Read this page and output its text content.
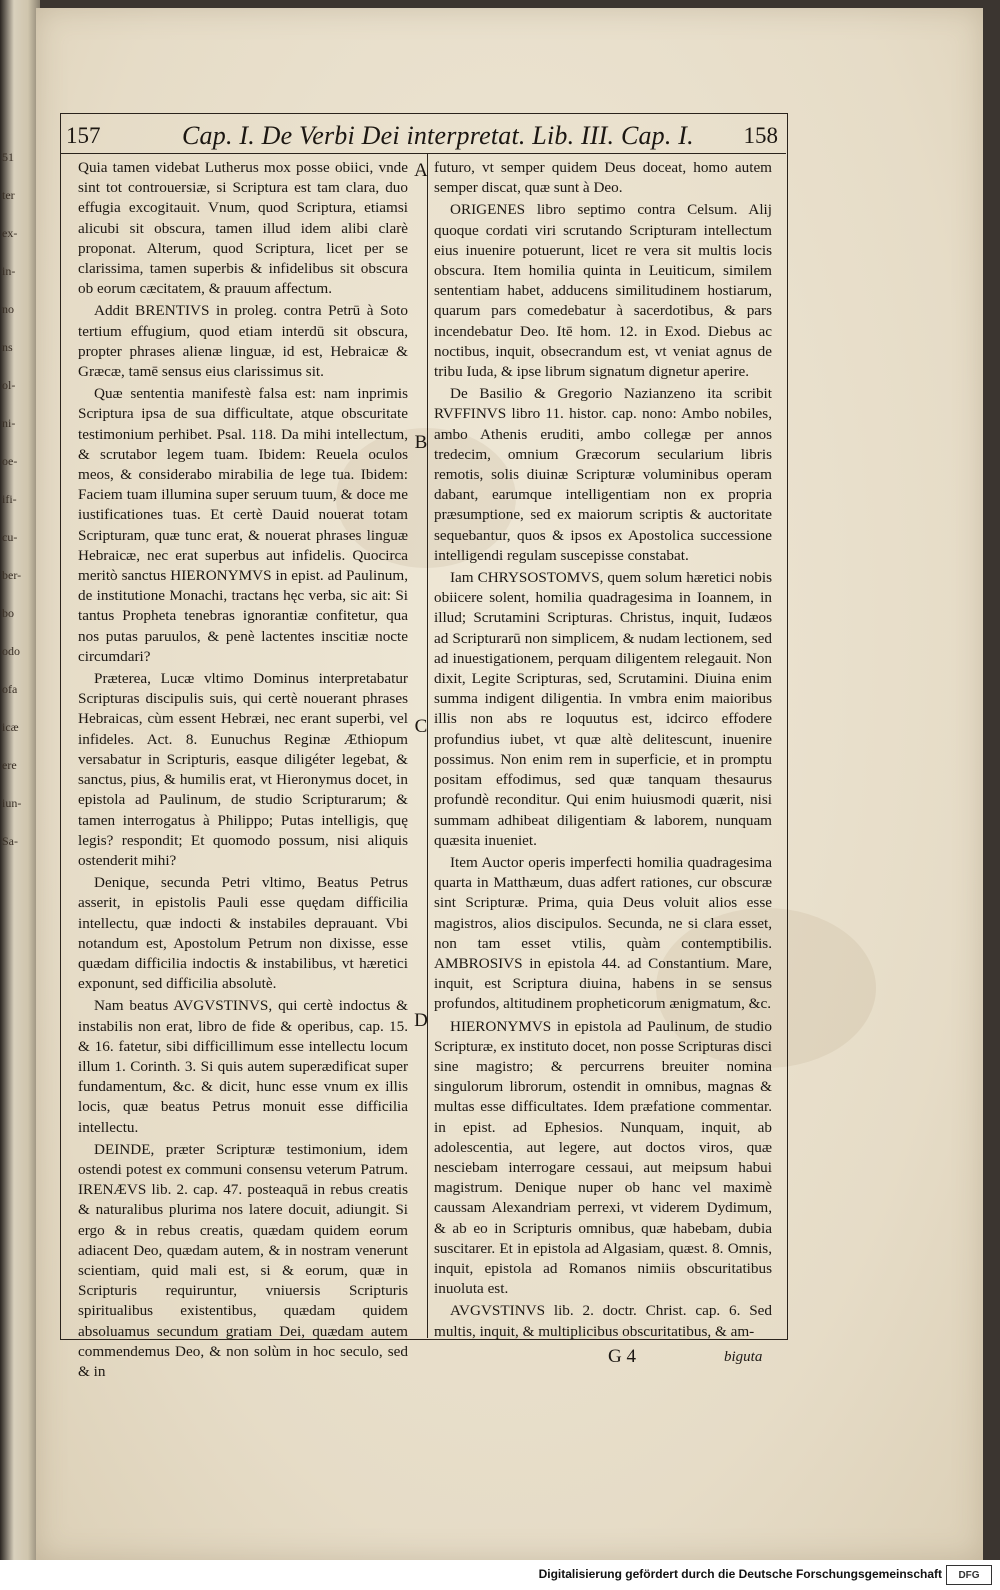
51
ter
ex-
in-
no
ns
ol-
ni-
oe-
ifi-
cu-
ber-
bo
odo
ofa
icæ
ere
iun-
Sa-
157	Cap. I. De Verbi Dei interpretat. Lib. III. Cap. I. 158

Quia tamen videbat Lutherus mox posse obiici, vnde sint tot controuersiæ, si Scriptura est tam clara, duo effugia excogitauit. Vnum, quod Scriptura, etiamsi alicubi sit obscura, tamen illud idem alibi clarè proponat. Alterum, quod Scriptura, licet per se clarissima, tamen superbis & infidelibus sit obscura ob eorum cæcitatem, & prauum affectum.

Addit BRENTIVS in proleg. contra Petrū à Soto tertium effugium, quod etiam interdū sit obscura, propter phrases alienæ linguæ, id est, Hebraicæ & Græcæ, tamē sensus eius clarissimus sit.

Quæ sententia manifestè falsa est: nam inprimis Scriptura ipsa de sua difficultate, atque obscuritate testimonium perhibet. Psal. 118. Da mihi intellectum, & scrutabor legem tuam. Ibidem: Reuela oculos meos, & considerabo mirabilia de lege tua. Ibidem: Faciem tuam illumina super seruum tuum, & doce me iustificationes tuas. Et certè Dauid nouerat totam Scripturam, quæ tunc erat, & nouerat phrases linguæ Hebraicæ, nec erat superbus aut infidelis. Quocirca meritò sanctus HIERONYMVS in epist. ad Paulinum, de institutione Monachi, tractans hęc verba, sic ait: Si tantus Propheta tenebras ignorantiæ confitetur, qua nos putas paruulos, & penè lactentes inscitiæ nocte circumdari?

Præterea, Lucæ vltimo Dominus interpretabatur Scripturas discipulis suis, qui certè nouerant phrases Hebraicas, cùm essent Hebræi, nec erant superbi, vel infideles. Act. 8. Eunuchus Reginæ Æthiopum versabatur in Scripturis, easque diligéter legebat, & sanctus, pius, & humilis erat, vt Hieronymus docet, in epistola ad Paulinum, de studio Scripturarum; & tamen interrogatus à Philippo; Putas intelligis, quę legis? respondit; Et quomodo possum, nisi aliquis ostenderit mihi?

Denique, secunda Petri vltimo, Beatus Petrus asserit, in epistolis Pauli esse quędam difficilia intellectu, quæ indocti & instabiles deprauant. Vbi notandum est, Apostolum Petrum non dixisse, esse quædam difficilia indoctis & instabilibus, vt hæretici exponunt, sed difficilia absolutè.

Nam beatus AVGVSTINVS, qui certè indoctus & instabilis non erat, libro de fide & operibus, cap. 15. & 16. fatetur, sibi difficillimum esse intellectu locum illum 1. Corinth. 3. Si quis autem superædificat super fundamentum, &c. & dicit, hunc esse vnum ex illis locis, quæ beatus Petrus monuit esse difficilia intellectu.

DEINDE, præter Scripturæ testimonium, idem ostendi potest ex communi consensu veterum Patrum. IRENÆVS lib. 2. cap. 47. posteaquā in rebus creatis & naturalibus plurima nos latere docuit, adiungit. Si ergo & in rebus creatis, quædam quidem eorum adiacent Deo, quædam autem, & in nostram venerunt scientiam, quid mali est, si & eorum, quæ in Scripturis requiruntur, vniuersis Scripturis spiritualibus existentibus, quædam quidem absoluamus secundum gratiam Dei, quædam autem commendemus Deo, & non solùm in hoc seculo, sed & in

futuro, vt semper quidem Deus doceat, homo autem semper discat, quæ sunt à Deo.

ORIGENES libro septimo contra Celsum. Alij quoque cordati viri scrutando Scripturam intellectum eius inuenire potuerunt, licet re vera sit multis locis obscura. Item homilia quinta in Leuiticum, similem sententiam habet, adducens similitudinem hostiarum, quarum pars comedebatur à sacerdotibus, & pars incendebatur Deo. Itē hom. 12. in Exod. Diebus ac noctibus, inquit, obsecrandum est, vt veniat agnus de tribu Iuda, & ipse librum signatum dignetur aperire.

De Basilio & Gregorio Nazianzeno ita scribit RVFFINVS libro 11. histor. cap. nono: Ambo nobiles, ambo Athenis eruditi, ambo collegæ per annos tredecim, omnium Græcorum secularium libris remotis, solis diuinæ Scripturæ voluminibus operam dabant, earumque intelligentiam non ex propria præsumptione, sed ex maiorum scriptis & auctoritate sequebantur, quos & ipsos ex Apostolica successione intelligendi regulam suscepisse constabat.

Iam CHRYSOSTOMVS, quem solum hæretici nobis obiicere solent, homilia quadragesima in Ioannem, in illud; Scrutamini Scripturas. Christus, inquit, Iudæos ad Scripturarū non simplicem, & nudam lectionem, sed ad inuestigationem, perquam diligentem relegauit. Non dixit, Legite Scripturas, sed, Scrutamini. Diuina enim summa indigent diligentia. In vmbra enim maioribus illis non abs re loquutus est, idcirco effodere profundius iubet, vt quæ altè delitescunt, inuenire possimus. Non enim rem in superficie, et in promptu positam effodimus, sed quæ tanquam thesaurus profundè reconditur. Qui enim huiusmodi quærit, nisi summam adhibeat diligentiam & laborem, nunquam quæsita inueniet.

Item Auctor operis imperfecti homilia quadragesima quarta in Matthæum, duas adfert rationes, cur obscuræ sint Scripturæ. Prima, quia Deus voluit alios esse magistros, alios discipulos. Secunda, ne si clara esset, non tam esset vtilis, quàm contemptibilis. AMBROSIVS in epistola 44. ad Constantium. Mare, inquit, est Scriptura diuina, habens in se sensus profundos, altitudinem propheticorum ænigmatum, &c.

HIERONYMVS in epistola ad Paulinum, de studio Scripturæ, ex instituto docet, non posse Scripturas disci sine magistro; & percurrens breuiter nomina singulorum librorum, ostendit in omnibus, magnas & multas esse difficultates. Idem præfatione commentar. in epist. ad Ephesios. Nunquam, inquit, ab adolescentia, aut legere, aut doctos viros, quæ nesciebam interrogare cessaui, aut meipsum habui magistrum. Denique nuper ob hanc vel maximè caussam Alexandriam perrexi, vt viderem Dydimum, & ab eo in Scripturis omnibus, quæ habebam, dubia suscitarer. Et in epistola ad Algasiam, quæst. 8. Omnis, inquit, epistola ad Romanos nimiis obscuritatibus inuoluta est.

AVGVSTINVS lib. 2. doctr. Christ. cap. 6. Sed multis, inquit, & multiplicibus obscuritatibus, & am-

A
B
C
D
G 4	biguta
Digitalisierung gefördert durch die Deutsche Forschungsgemeinschaft	DFG
